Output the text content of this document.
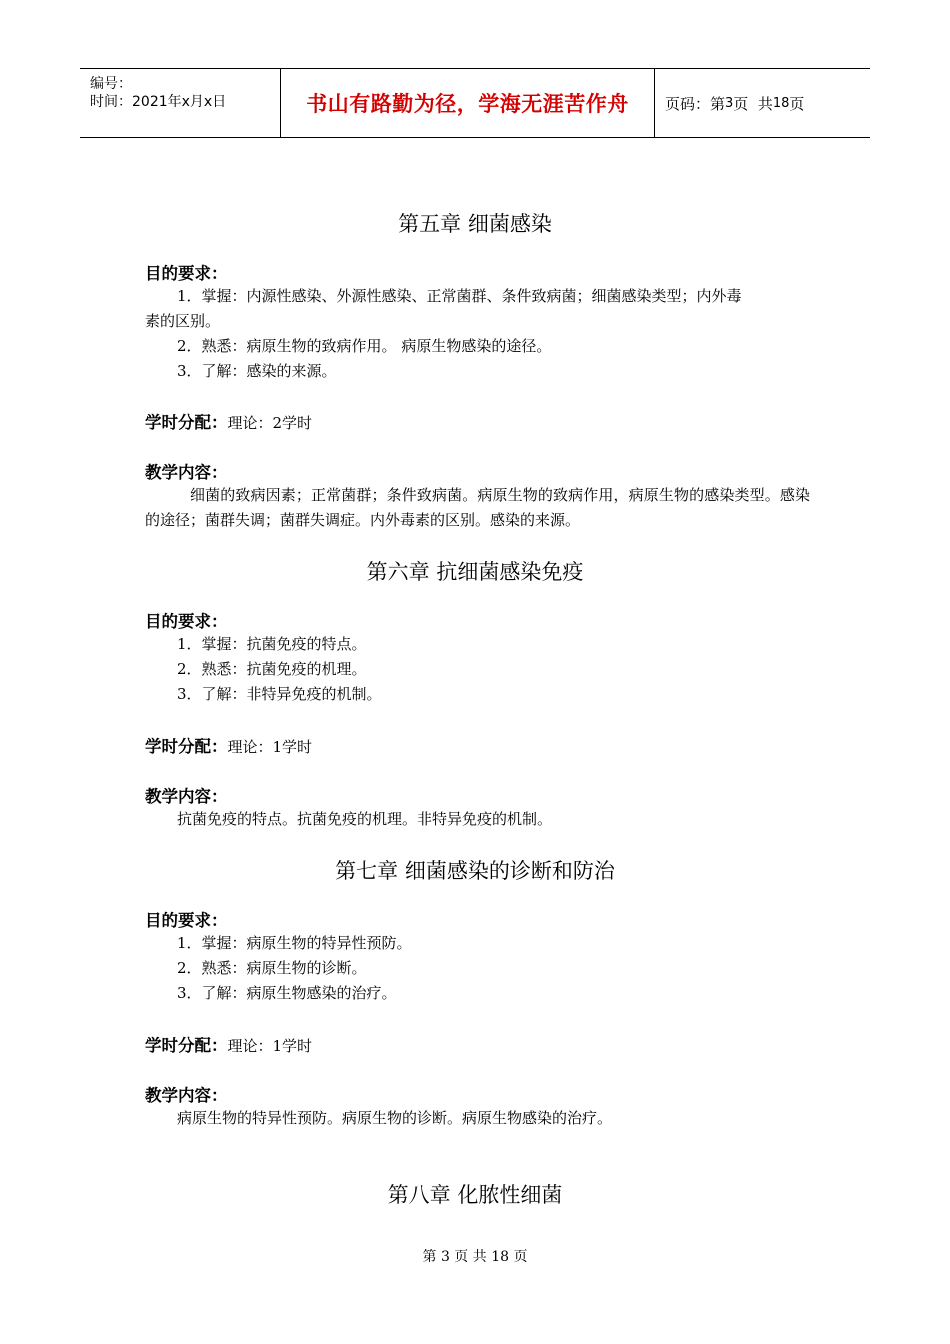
编号：
时间：2021年x月x日	书山有路勤为径，学海无涯苦作舟	页码：第 3 页  共 18 页
第五章 细菌感染
目的要求：
1．掌握：内源性感染、外源性感染、正常菌群、条件致病菌；细菌感染类型；内外毒
素的区别。
2．熟悉：病原生物的致病作用。 病原生物感染的途径。
3．了解：感染的来源。
学时分配：理论：2学时
教学内容：
细菌的致病因素；正常菌群；条件致病菌。病原生物的致病作用，病原生物的感染类型。感染的途径；菌群失调；菌群失调症。内外毒素的区别。感染的来源。
第六章 抗细菌感染免疫
目的要求：
1．掌握：抗菌免疫的特点。
2．熟悉：抗菌免疫的机理。
3．了解：非特异免疫的机制。
学时分配：理论：1学时
教学内容：
抗菌免疫的特点。抗菌免疫的机理。非特异免疫的机制。
第七章 细菌感染的诊断和防治
目的要求：
1．掌握：病原生物的特异性预防。
2．熟悉：病原生物的诊断。
3．了解：病原生物感染的治疗。
学时分配：理论：1学时
教学内容：
病原生物的特异性预防。病原生物的诊断。病原生物感染的治疗。
第八章 化脓性细菌
第 3 页 共 18 页
